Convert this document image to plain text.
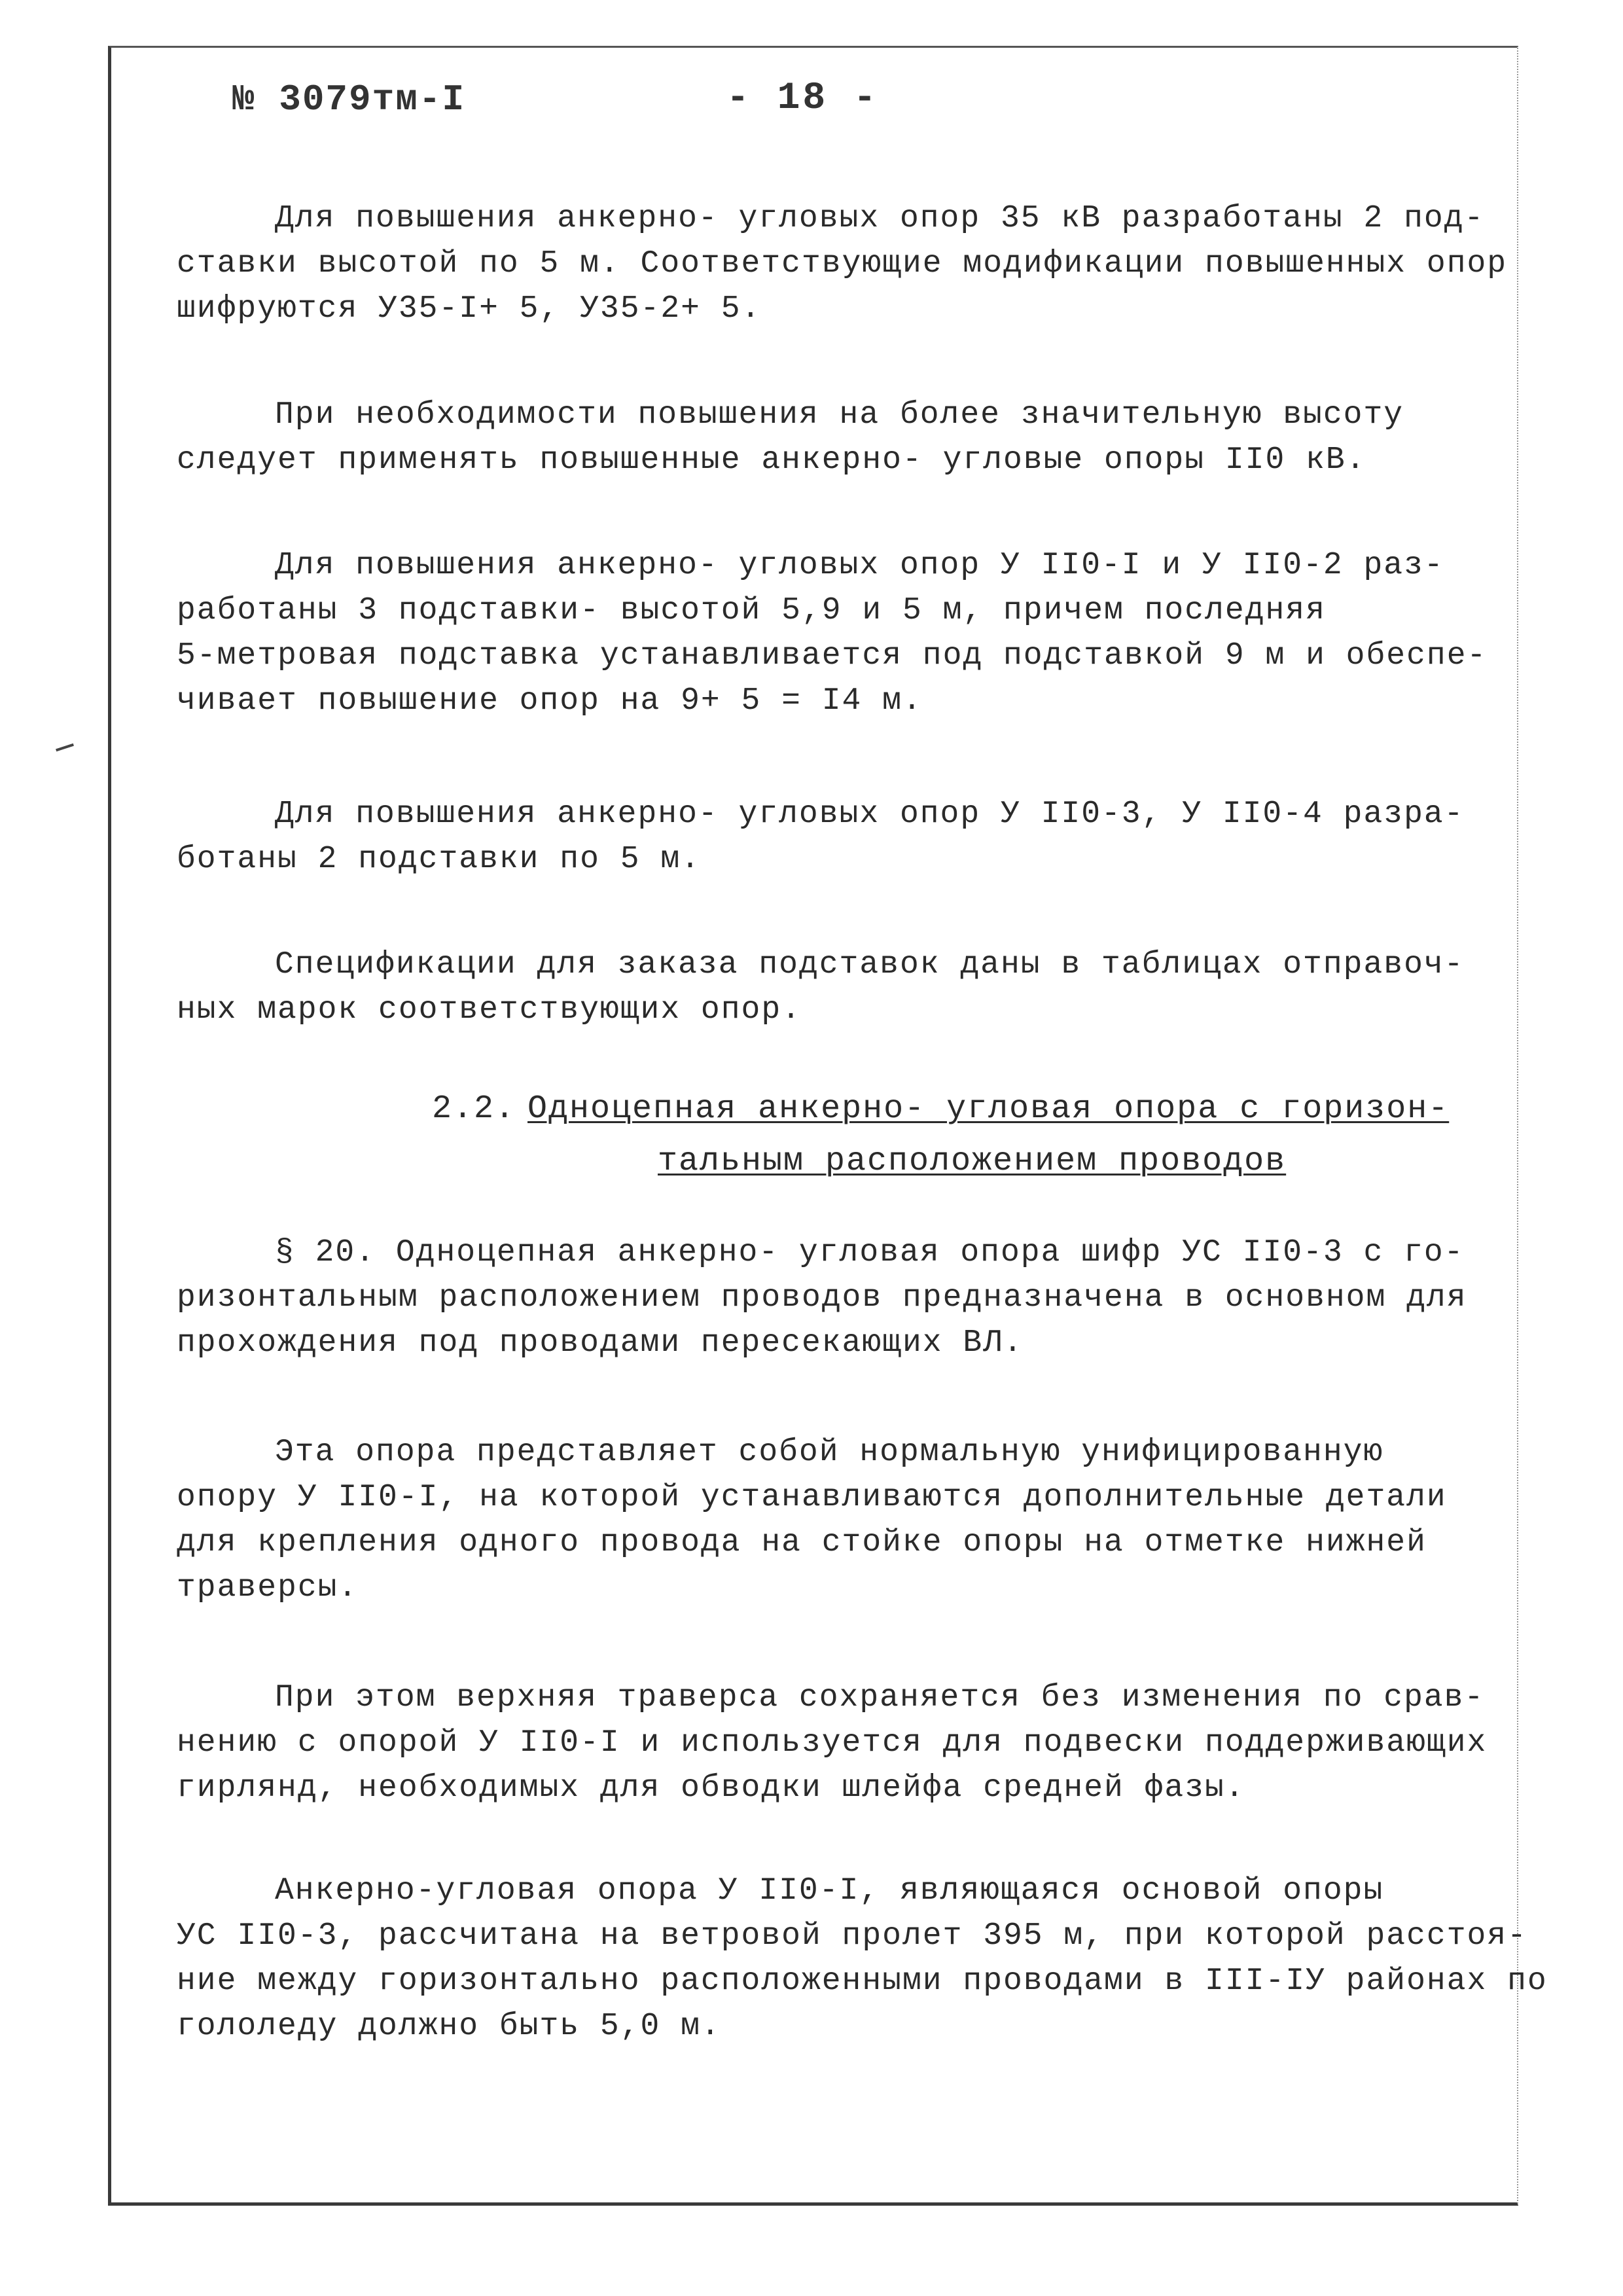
№ 3079тм-I	- 18 -

Для повышения анкерно- угловых опор 35 кВ разработаны 2 под-
ставки высотой по 5 м. Соответствующие модификации повышенных опор
шифруются У35-I+ 5, У35-2+ 5.

При необходимости повышения на более значительную высоту
следует применять повышенные анкерно- угловые опоры II0 кВ.

Для повышения анкерно- угловых опор У II0-I и У II0-2 раз-
работаны 3 подставки- высотой 5,9 и 5 м, причем последняя
5-метровая подставка устанавливается под подставкой 9 м и обеспе-
чивает повышение опор на 9+ 5 = I4 м.

Для повышения анкерно- угловых опор У II0-3, У II0-4 разра-
ботаны 2 подставки по 5 м.

Спецификации для заказа подставок даны в таблицах отправоч-
ных марок соответствующих опор.

2.2. Одноцепная анкерно- угловая опора с горизон-
тальным расположением проводов

§ 20. Одноцепная анкерно- угловая опора шифр УС II0-3 с го-
ризонтальным расположением проводов предназначена в основном для
прохождения под проводами пересекающих ВЛ.

Эта опора представляет собой нормальную унифицированную
опору У II0-I, на которой устанавливаются дополнительные детали
для крепления одного провода на стойке опоры на отметке нижней
траверсы.

При этом верхняя траверса сохраняется без изменения по срав-
нению с опорой У II0-I и используется для подвески поддерживающих
гирлянд, необходимых для обводки шлейфа средней фазы.

Анкерно-угловая опора У II0-I, являющаяся основой опоры
УС II0-3, рассчитана на ветровой пролет 395 м, при которой расстоя-
ние между горизонтально расположенными проводами в III-IУ районах по
гололеду должно быть 5,0 м.
